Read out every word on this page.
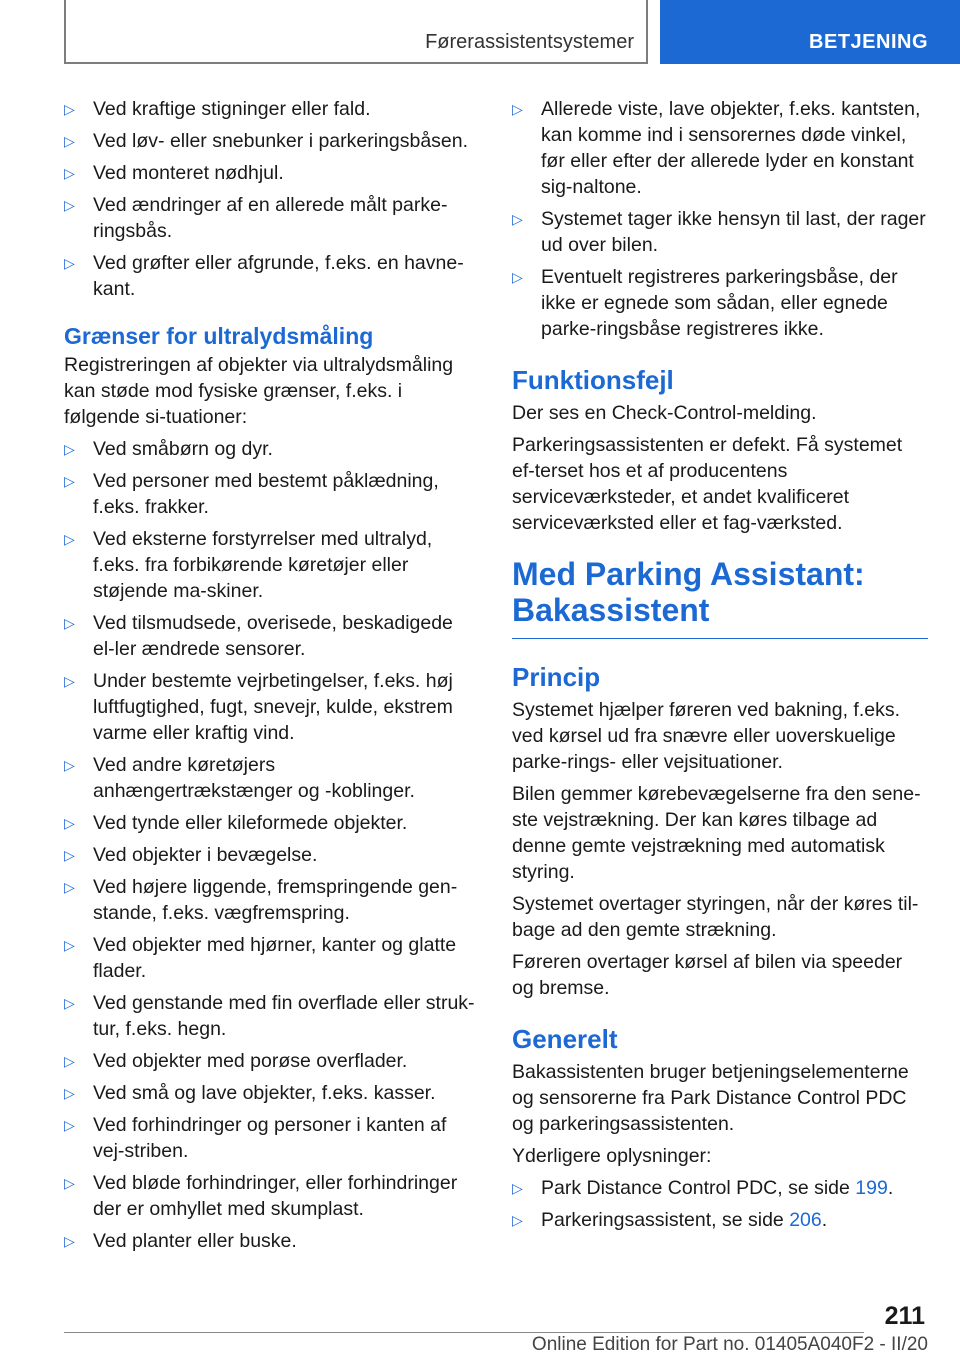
Førerassistentsystemer	BETJENING
▷ Ved kraftige stigninger eller fald.
▷ Ved løv- eller snebunker i parkeringsbåsen.
▷ Ved monteret nødhjul.
▷ Ved ændringer af en allerede målt parke-ringsbås.
▷ Ved grøfter eller afgrunde, f.eks. en havne-kant.
Grænser for ultralydsmåling

Registreringen af objekter via ultralydsmåling kan støde mod fysiske grænser, f.eks. i følgende si-tuationer:

▷ Ved småbørn og dyr.
▷ Ved personer med bestemt påklædning, f.eks. frakker.
▷ Ved eksterne forstyrrelser med ultralyd, f.eks. fra forbikørende køretøjer eller støjende ma-skiner.
▷ Ved tilsmudsede, overisede, beskadigede el-ler ændrede sensorer.
▷ Under bestemte vejrbetingelser, f.eks. høj luftfugtighed, fugt, snevejr, kulde, ekstrem varme eller kraftig vind.
▷ Ved andre køretøjers anhængertrækstænger og -koblinger.
▷ Ved tynde eller kileformede objekter.
▷ Ved objekter i bevægelse.
▷ Ved højere liggende, fremspringende gen-stande, f.eks. vægfremspring.
▷ Ved objekter med hjørner, kanter og glatte flader.
▷ Ved genstande med fin overflade eller struk-tur, f.eks. hegn.
▷ Ved objekter med porøse overflader.
▷ Ved små og lave objekter, f.eks. kasser.
▷ Ved forhindringer og personer i kanten af vej-striben.
▷ Ved bløde forhindringer, eller forhindringer der er omhyllet med skumplast.
▷ Ved planter eller buske.
▷ Allerede viste, lave objekter, f.eks. kantsten, kan komme ind i sensorernes døde vinkel, før eller efter der allerede lyder en konstant sig-naltone.
▷ Systemet tager ikke hensyn til last, der rager ud over bilen.
▷ Eventuelt registreres parkeringsbåse, der ikke er egnede som sådan, eller egnede parke-ringsbåse registreres ikke.
Funktionsfejl

Der ses en Check-Control-melding.

Parkeringsassistenten er defekt. Få systemet ef-terset hos et af producentens serviceværksteder, et andet kvalificeret serviceværksted eller et fag-værksted.

Med Parking Assistant: Bakassistent
Princip

Systemet hjælper føreren ved bakning, f.eks. ved kørsel ud fra snævre eller uoverskuelige parke-rings- eller vejsituationer.

Bilen gemmer kørebevægelserne fra den sene-ste vejstrækning. Der kan køres tilbage ad denne gemte vejstrækning med automatisk styring.

Systemet overtager styringen, når der køres til-bage ad den gemte strækning.

Føreren overtager kørsel af bilen via speeder og bremse.

Generelt

Bakassistenten bruger betjeningselementerne og sensorerne fra Park Distance Control PDC og parkeringsassistenten.

Yderligere oplysninger:

▷ Park Distance Control PDC, se side 199.
▷ Parkeringsassistent, se side 206.
211
Online Edition for Part no. 01405A040F2 - II/20
